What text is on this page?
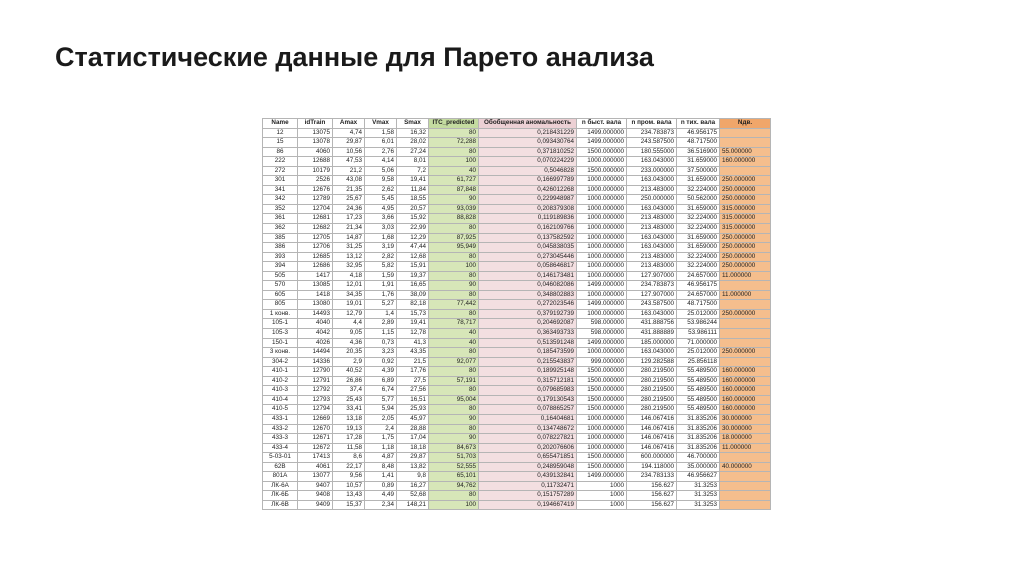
Статистические данные для Парето анализа
Name	idTrain	Amax	Vmax	Smax	ITC_predicted	Обобщенная аномальность	n быст. вала	n пром. вала	n тих. вала	Nдв.
12	13075	4,74	1,58	16,32	80	0,218431229	1499.000000	234.783873	46.956175	
15	13078	29,87	6,01	28,02	72,288	0,093430764	1499.000000	243.587500	48.717500	
86	4060	10,56	2,76	27,24	80	0,371810252	1500.000000	180.555000	36.516900	55.000000
222	12688	47,53	4,14	8,01	100	0,070224229	1000.000000	163.043000	31.659000	160.000000
272	10179	21,2	5,06	7,2	40	0,5046828	1500.000000	233.000000	37.500000	
301	2526	43,08	9,58	19,41	61,727	0,166997789	1000.000000	163.043000	31.659000	250.000000
341	12676	21,35	2,62	11,84	87,848	0,426012268	1000.000000	213.483000	32.224000	250.000000
342	12789	25,67	5,45	18,55	90	0,229948987	1000.000000	250.000000	50.562000	250.000000
352	12704	24,36	4,95	20,57	93,039	0,208379308	1000.000000	163.043000	31.659000	315.000000
361	12681	17,23	3,66	15,92	88,828	0,119189836	1000.000000	213.483000	32.224000	315.000000
362	12682	21,34	3,03	22,99	80	0,162109766	1000.000000	213.483000	32.224000	315.000000
385	12705	14,87	1,68	12,29	87,925	0,137582592	1000.000000	163.043000	31.659000	250.000000
386	12706	31,25	3,19	47,44	95,949	0,045838035	1000.000000	163.043000	31.659000	250.000000
393	12685	13,12	2,82	12,68	80	0,273045446	1000.000000	213.483000	32.224000	250.000000
394	12686	32,95	5,82	15,91	100	0,058646817	1000.000000	213.483000	32.224000	250.000000
505	1417	4,18	1,59	19,37	80	0,146173481	1000.000000	127.907000	24.657000	11.000000
570	13085	12,01	1,91	16,65	90	0,046082086	1499.000000	234.783873	46.956175	
605	1418	34,35	1,76	38,09	80	0,348802883	1000.000000	127.907000	24.657000	11.000000
805	13080	19,01	5,27	82,18	77,442	0,272023546	1499.000000	243.587500	48.717500	
1 конв.	14493	12,79	1,4	15,73	80	0,379192739	1000.000000	163.043000	25.012000	250.000000
105-1	4040	4,4	2,89	19,41	78,717	0,204692087	598.000000	431.888756	53.986244	
105-3	4042	9,05	1,15	12,78	40	0,363493733	598.000000	431.888889	53.986111	
150-1	4026	4,36	0,73	41,3	40	0,513591248	1499.000000	185.000000	71.000000	
3 конв.	14494	20,35	3,23	43,35	80	0,185473599	1000.000000	163.043000	25.012000	250.000000
304-2	14336	2,9	0,92	21,5	92,077	0,215543837	999.000000	129.282588	25.856118	
410-1	12790	40,52	4,39	17,76	80	0,189925148	1500.000000	280.219500	55.489500	160.000000
410-2	12791	26,86	6,89	27,5	57,191	0,315712181	1500.000000	280.219500	55.489500	160.000000
410-3	12792	37,4	6,74	27,56	80	0,079685983	1500.000000	280.219500	55.489500	160.000000
410-4	12793	25,43	5,77	16,51	95,004	0,179130543	1500.000000	280.219500	55.489500	160.000000
410-5	12794	33,41	5,94	25,93	80	0,078865257	1500.000000	280.219500	55.489500	160.000000
433-1	12669	13,18	2,05	45,97	90	0,16404681	1000.000000	146.067416	31.835206	30.000000
433-2	12670	19,13	2,4	28,88	80	0,134748672	1000.000000	146.067416	31.835206	30.000000
433-3	12671	17,28	1,75	17,04	90	0,078227821	1000.000000	146.067416	31.835206	18.000000
433-4	12672	11,58	1,18	18,18	84,673	0,202076606	1000.000000	146.067416	31.835206	11.000000
5-03-01	17413	8,6	4,87	29,87	51,703	0,655471851	1500.000000	600.000000	46.700000	
62В	4061	22,17	8,48	13,82	52,555	0,248959048	1500.000000	194.118000	35.000000	40.000000
801А	13077	9,56	1,41	9,8	65,101	0,439132841	1499.000000	234.783133	46.956627	
ЛК-6А	9407	10,57	0,89	16,27	94,762	0,11732471	1000	156.627	31.3253	
ЛК-6Б	9408	13,43	4,49	52,68	80	0,151757289	1000	156.627	31.3253	
ЛК-6В	9409	15,37	2,34	148,21	100	0,194667419	1000	156.627	31.3253	
